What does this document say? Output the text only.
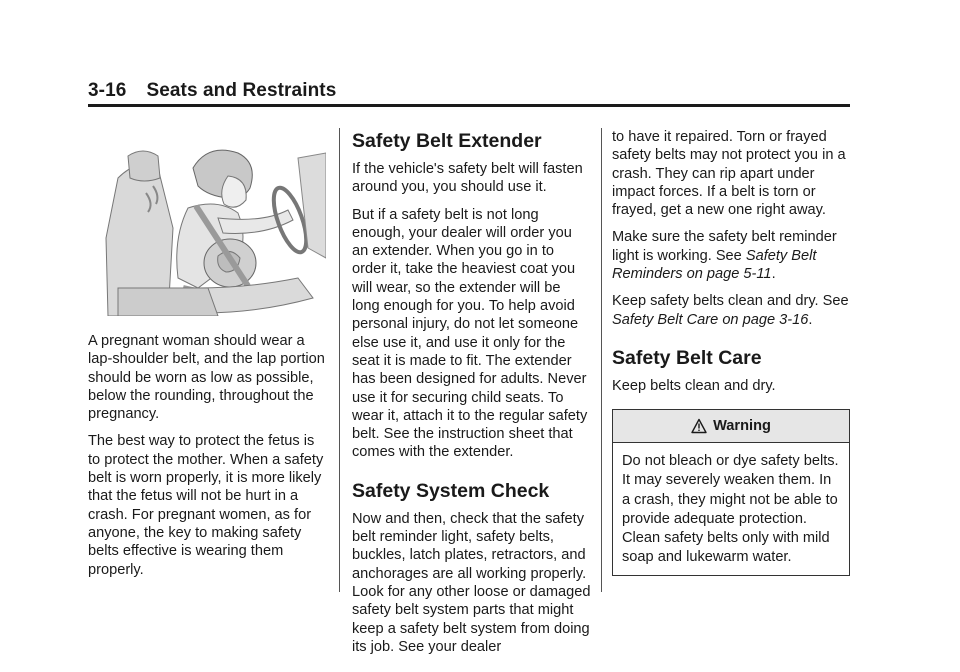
3-16 Seats and Restraints

A pregnant woman should wear a lap-shoulder belt, and the lap portion should be worn as low as possible, below the rounding, throughout the pregnancy.

The best way to protect the fetus is to protect the mother. When a safety belt is worn properly, it is more likely that the fetus will not be hurt in a crash. For pregnant women, as for anyone, the key to making safety belts effective is wearing them properly.

Safety Belt Extender

If the vehicle's safety belt will fasten around you, you should use it.

But if a safety belt is not long enough, your dealer will order you an extender. When you go in to order it, take the heaviest coat you will wear, so the extender will be long enough for you. To help avoid personal injury, do not let someone else use it, and use it only for the seat it is made to fit. The extender has been designed for adults. Never use it for securing child seats. To wear it, attach it to the regular safety belt. See the instruction sheet that comes with the extender.

Safety System Check

Now and then, check that the safety belt reminder light, safety belts, buckles, latch plates, retractors, and anchorages are all working properly. Look for any other loose or damaged safety belt system parts that might keep a safety belt system from doing its job. See your dealer

to have it repaired. Torn or frayed safety belts may not protect you in a crash. They can rip apart under impact forces. If a belt is torn or frayed, get a new one right away.

Make sure the safety belt reminder light is working. See Safety Belt Reminders on page 5-11.

Keep safety belts clean and dry. See Safety Belt Care on page 3-16.

Safety Belt Care

Keep belts clean and dry.

Warning
Do not bleach or dye safety belts. It may severely weaken them. In a crash, they might not be able to provide adequate protection. Clean safety belts only with mild soap and lukewarm water.
